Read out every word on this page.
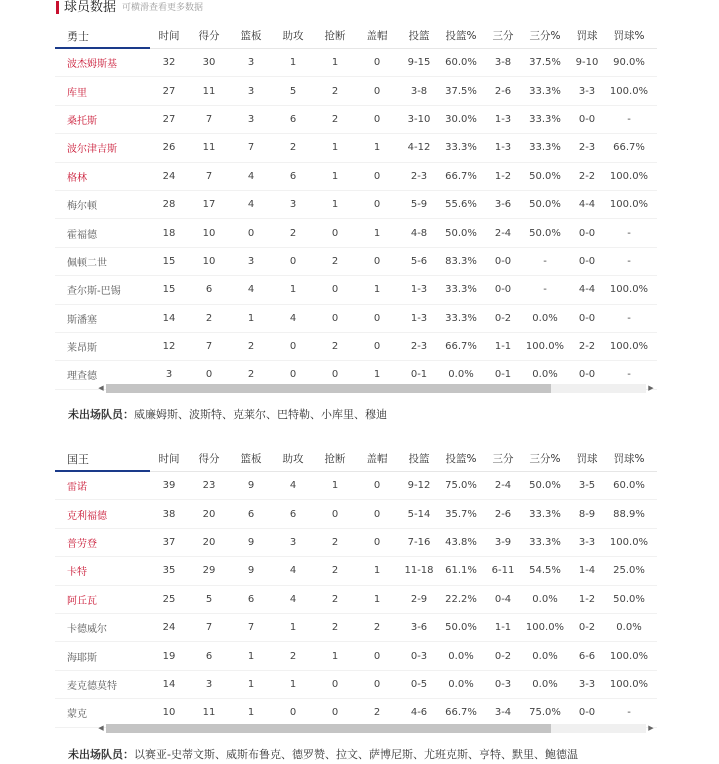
球员数据 可横滑查看更多数据
勇士	时间	得分	篮板	助攻	抢断	盖帽	投篮	投篮%	三分	三分%	罚球	罚球%

波杰姆斯基	32	30	3	1	1	0	9-15	60.0%	3-8	37.5%	9-10	90.0%
库里	27	11	3	5	2	0	3-8	37.5%	2-6	33.3%	3-3	100.0%
桑托斯	27	7	3	6	2	0	3-10	30.0%	1-3	33.3%	0-0	-
波尔津吉斯	26	11	7	2	1	1	4-12	33.3%	1-3	33.3%	2-3	66.7%
格林	24	7	4	6	1	0	2-3	66.7%	1-2	50.0%	2-2	100.0%
梅尔顿	28	17	4	3	1	0	5-9	55.6%	3-6	50.0%	4-4	100.0%
霍福德	18	10	0	2	0	1	4-8	50.0%	2-4	50.0%	0-0	-
佩顿二世	15	10	3	0	2	0	5-6	83.3%	0-0	-	0-0	-
查尔斯-巴锡	15	6	4	1	0	1	1-3	33.3%	0-0	-	4-4	100.0%
斯潘塞	14	2	1	4	0	0	1-3	33.3%	0-2	0.0%	0-0	-
莱昂斯	12	7	2	0	2	0	2-3	66.7%	1-1	100.0%	2-2	100.0%
理查德	3	0	2	0	0	1	0-1	0.0%	0-1	0.0%	0-0	-
◀	▶
未出场队员：威廉姆斯、波斯特、克莱尔、巴特勒、小库里、穆迪
国王	时间	得分	篮板	助攻	抢断	盖帽	投篮	投篮%	三分	三分%	罚球	罚球%

雷诺	39	23	9	4	1	0	9-12	75.0%	2-4	50.0%	3-5	60.0%
克利福德	38	20	6	6	0	0	5-14	35.7%	2-6	33.3%	8-9	88.9%
普劳登	37	20	9	3	2	0	7-16	43.8%	3-9	33.3%	3-3	100.0%
卡特	35	29	9	4	2	1	11-18	61.1%	6-11	54.5%	1-4	25.0%
阿丘瓦	25	5	6	4	2	1	2-9	22.2%	0-4	0.0%	1-2	50.0%
卡德威尔	24	7	7	1	2	2	3-6	50.0%	1-1	100.0%	0-2	0.0%
海耶斯	19	6	1	2	1	0	0-3	0.0%	0-2	0.0%	6-6	100.0%
麦克德莫特	14	3	1	1	0	0	0-5	0.0%	0-3	0.0%	3-3	100.0%
蒙克	10	11	1	0	0	2	4-6	66.7%	3-4	75.0%	0-0	-
◀	▶
未出场队员：以赛亚-史蒂文斯、威斯布鲁克、德罗赞、拉文、萨博尼斯、尤班克斯、亨特、默里、鲍德温
